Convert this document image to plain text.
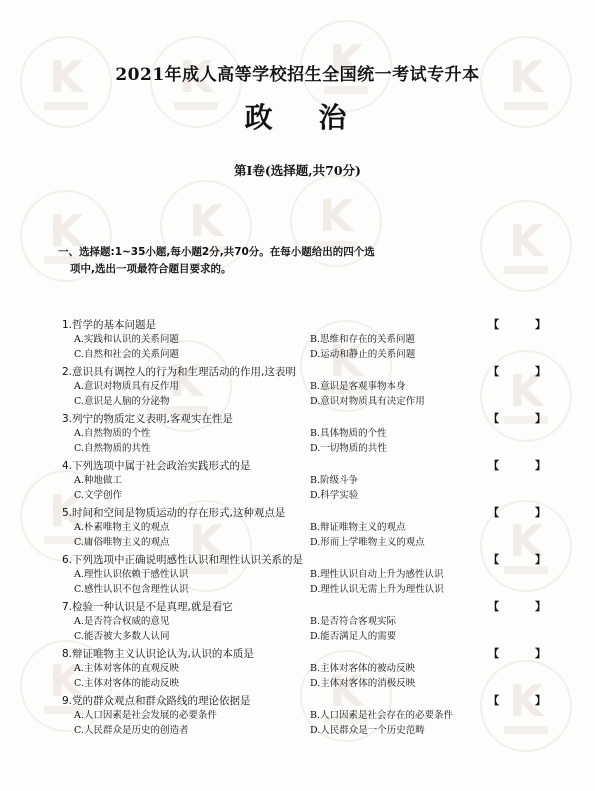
K
K
K
K
K
K
K
K
K
K
K
K
K
K
K
K
K
2021年成人高等学校招生全国统一考试专升本
政 治
第Ⅰ卷(选择题,共70分)
一、选择题:1~35小题,每小题2分,共70分。在每小题给出的四个选
项中,选出一项最符合题目要求的。
1.哲学的基本问题是	【 】
A.实践和认识的关系问题	B.思维和存在的关系问题
C.自然和社会的关系问题	D.运动和静止的关系问题
2.意识具有调控人的行为和生理活动的作用,这表明	【 】
A.意识对物质具有反作用	B.意识是客观事物本身
C.意识是人脑的分泌物	D.意识对物质具有决定作用
3.列宁的物质定义表明,客观实在性是	【 】
A.自然物质的个性	B.具体物质的个性
C.自然物质的共性	D.一切物质的共性
4.下列选项中属于社会政治实践形式的是	【 】
A.种地做工	B.阶级斗争
C.文学创作	D.科学实验
5.时间和空间是物质运动的存在形式,这种观点是	【 】
A.朴素唯物主义的观点	B.辩证唯物主义的观点
C.庸俗唯物主义的观点	D.形而上学唯物主义的观点
6.下列选项中正确说明感性认识和理性认识关系的是	【 】
A.理性认识依赖于感性认识	B.理性认识自动上升为感性认识
C.感性认识不包含理性认识	D.理性认识无需上升为理性认识
7.检验一种认识是不是真理,就是看它	【 】
A.是否符合权威的意见	B.是否符合客观实际
C.能否被大多数人认同	D.能否满足人的需要
8.辩证唯物主义认识论认为,认识的本质是	【 】
A.主体对客体的直观反映	B.主体对客体的被动反映
C.主体对客体的能动反映	D.主体对客体的消极反映
9.党的群众观点和群众路线的理论依据是	【 】
A.人口因素是社会发展的必要条件	B.人口因素是社会存在的必要条件
C.人民群众是历史的创造者	D.人民群众是一个历史范畴
